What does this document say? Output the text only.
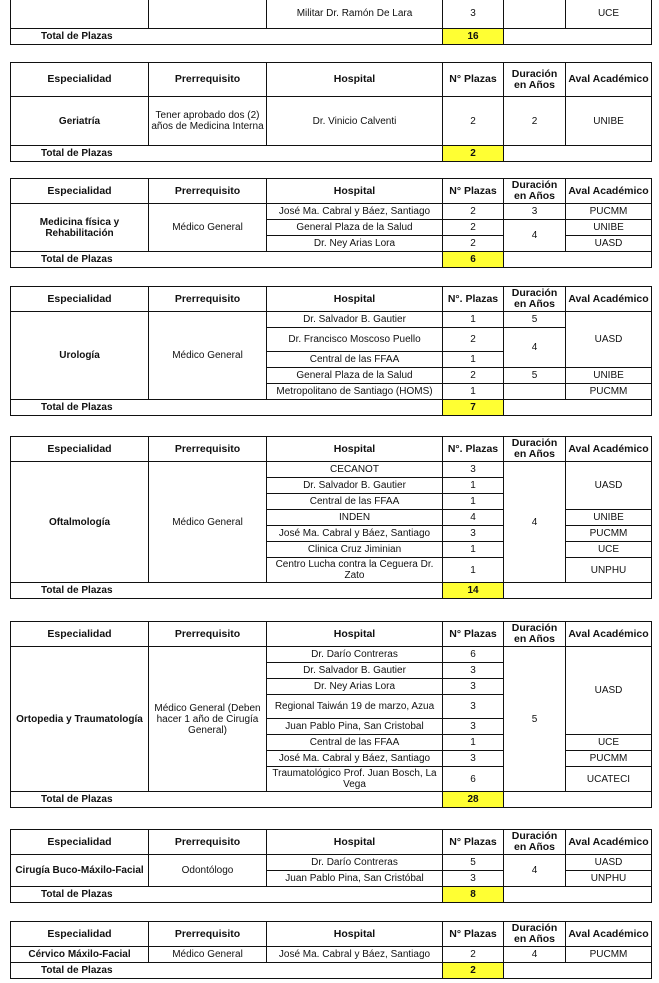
		Militar Dr. Ramón De Lara	3		UCE
Total de Plazas			16		
Especialidad	Prerrequisito	Hospital	N° Plazas	Duración en Años	Aval Académico
Geriatría	Tener aprobado dos (2) años de Medicina Interna	Dr. Vinicio Calventi	2	2	UNIBE
Total de Plazas			2		
Especialidad	Prerrequisito	Hospital	N° Plazas	Duración en Años	Aval Académico
Medicina física y Rehabilitación	Médico General	José Ma. Cabral y Báez, Santiago	2	3	PUCMM
		General Plaza de la Salud	2	4	UNIBE
		Dr. Ney Arias Lora	2		UASD
Total de Plazas			6		
Especialidad	Prerrequisito	Hospital	N°. Plazas	Duración en Años	Aval Académico
Urología	Médico General	Dr. Salvador B. Gautier	1	5	UASD
		Dr. Francisco Moscoso Puello	2	4	
		Central de las FFAA	1		
		General Plaza de la Salud	2	5	UNIBE
		Metropolitano de Santiago (HOMS)	1		PUCMM
Total de Plazas			7		
Especialidad	Prerrequisito	Hospital	N°. Plazas	Duración en Años	Aval Académico
Oftalmología	Médico General	CECANOT	3	4	UASD
		Dr. Salvador B. Gautier	1		
		Central de las FFAA	1		
		INDEN	4		UNIBE
		José Ma. Cabral y Báez, Santiago	3		PUCMM
		Clinica Cruz Jiminian	1		UCE
		Centro Lucha contra la Ceguera Dr. Zato	1		UNPHU
Total de Plazas			14		
Especialidad	Prerrequisito	Hospital	N° Plazas	Duración en Años	Aval Académico
Ortopedia y Traumatología	Médico General (Deben hacer 1 año de Cirugía General)	Dr. Darío Contreras	6	5	UASD
		Dr. Salvador B. Gautier	3		
		Dr. Ney Arias Lora	3		
		Regional Taiwán 19 de marzo, Azua	3		
		Juan Pablo Pina, San Cristobal	3		
		Central de las FFAA	1		UCE
		José Ma. Cabral y Báez, Santiago	3		PUCMM
		Traumatológico Prof. Juan Bosch, La Vega	6		UCATECI
Total de Plazas			28		
Especialidad	Prerrequisito	Hospital	N° Plazas	Duración en Años	Aval Académico
Cirugía Buco-Máxilo-Facial	Odontólogo	Dr. Darío Contreras	5	4	UASD
		Juan Pablo Pina, San Cristóbal	3		UNPHU
Total de Plazas			8		
Especialidad	Prerrequisito	Hospital	N° Plazas	Duración en Años	Aval Académico
Cérvico Máxilo-Facial	Médico General	José Ma. Cabral y Báez, Santiago	2	4	PUCMM
Total de Plazas			2		
